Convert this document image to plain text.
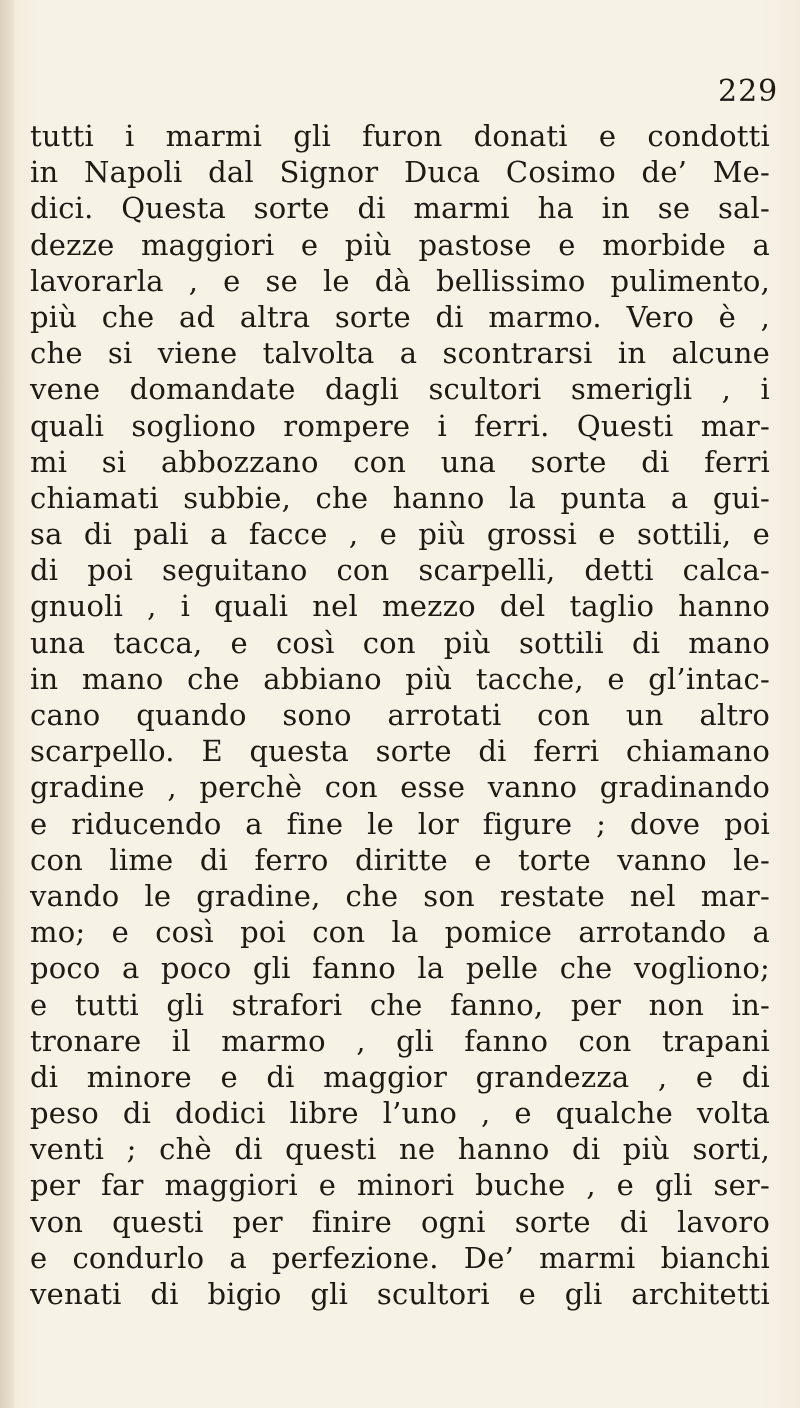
229
tutti i marmi gli furon donati e condotti
in Napoli dal Signor Duca Cosimo de’ Me-
dici. Questa sorte di marmi ha in se sal-
dezze maggiori e più pastose e morbide a
lavorarla , e se le dà bellissimo pulimento,
più che ad altra sorte di marmo. Vero è ,
che si viene talvolta a scontrarsi in alcune
vene domandate dagli scultori smerigli , i
quali sogliono rompere i ferri. Questi mar-
mi si abbozzano con una sorte di ferri
chiamati subbie, che hanno la punta a gui-
sa di pali a facce , e più grossi e sottili, e
di poi seguitano con scarpelli, detti calca-
gnuoli , i quali nel mezzo del taglio hanno
una tacca, e così con più sottili di mano
in mano che abbiano più tacche, e gl’intac-
cano quando sono arrotati con un altro
scarpello. E questa sorte di ferri chiamano
gradine , perchè con esse vanno gradinando
e riducendo a fine le lor figure ; dove poi
con lime di ferro diritte e torte vanno le-
vando le gradine, che son restate nel mar-
mo; e così poi con la pomice arrotando a
poco a poco gli fanno la pelle che vogliono;
e tutti gli strafori che fanno, per non in-
tronare il marmo , gli fanno con trapani
di minore e di maggior grandezza , e di
peso di dodici libre l’uno , e qualche volta
venti ; chè di questi ne hanno di più sorti,
per far maggiori e minori buche , e gli ser-
von questi per finire ogni sorte di lavoro
e condurlo a perfezione. De’ marmi bianchi
venati di bigio gli scultori e gli architetti
